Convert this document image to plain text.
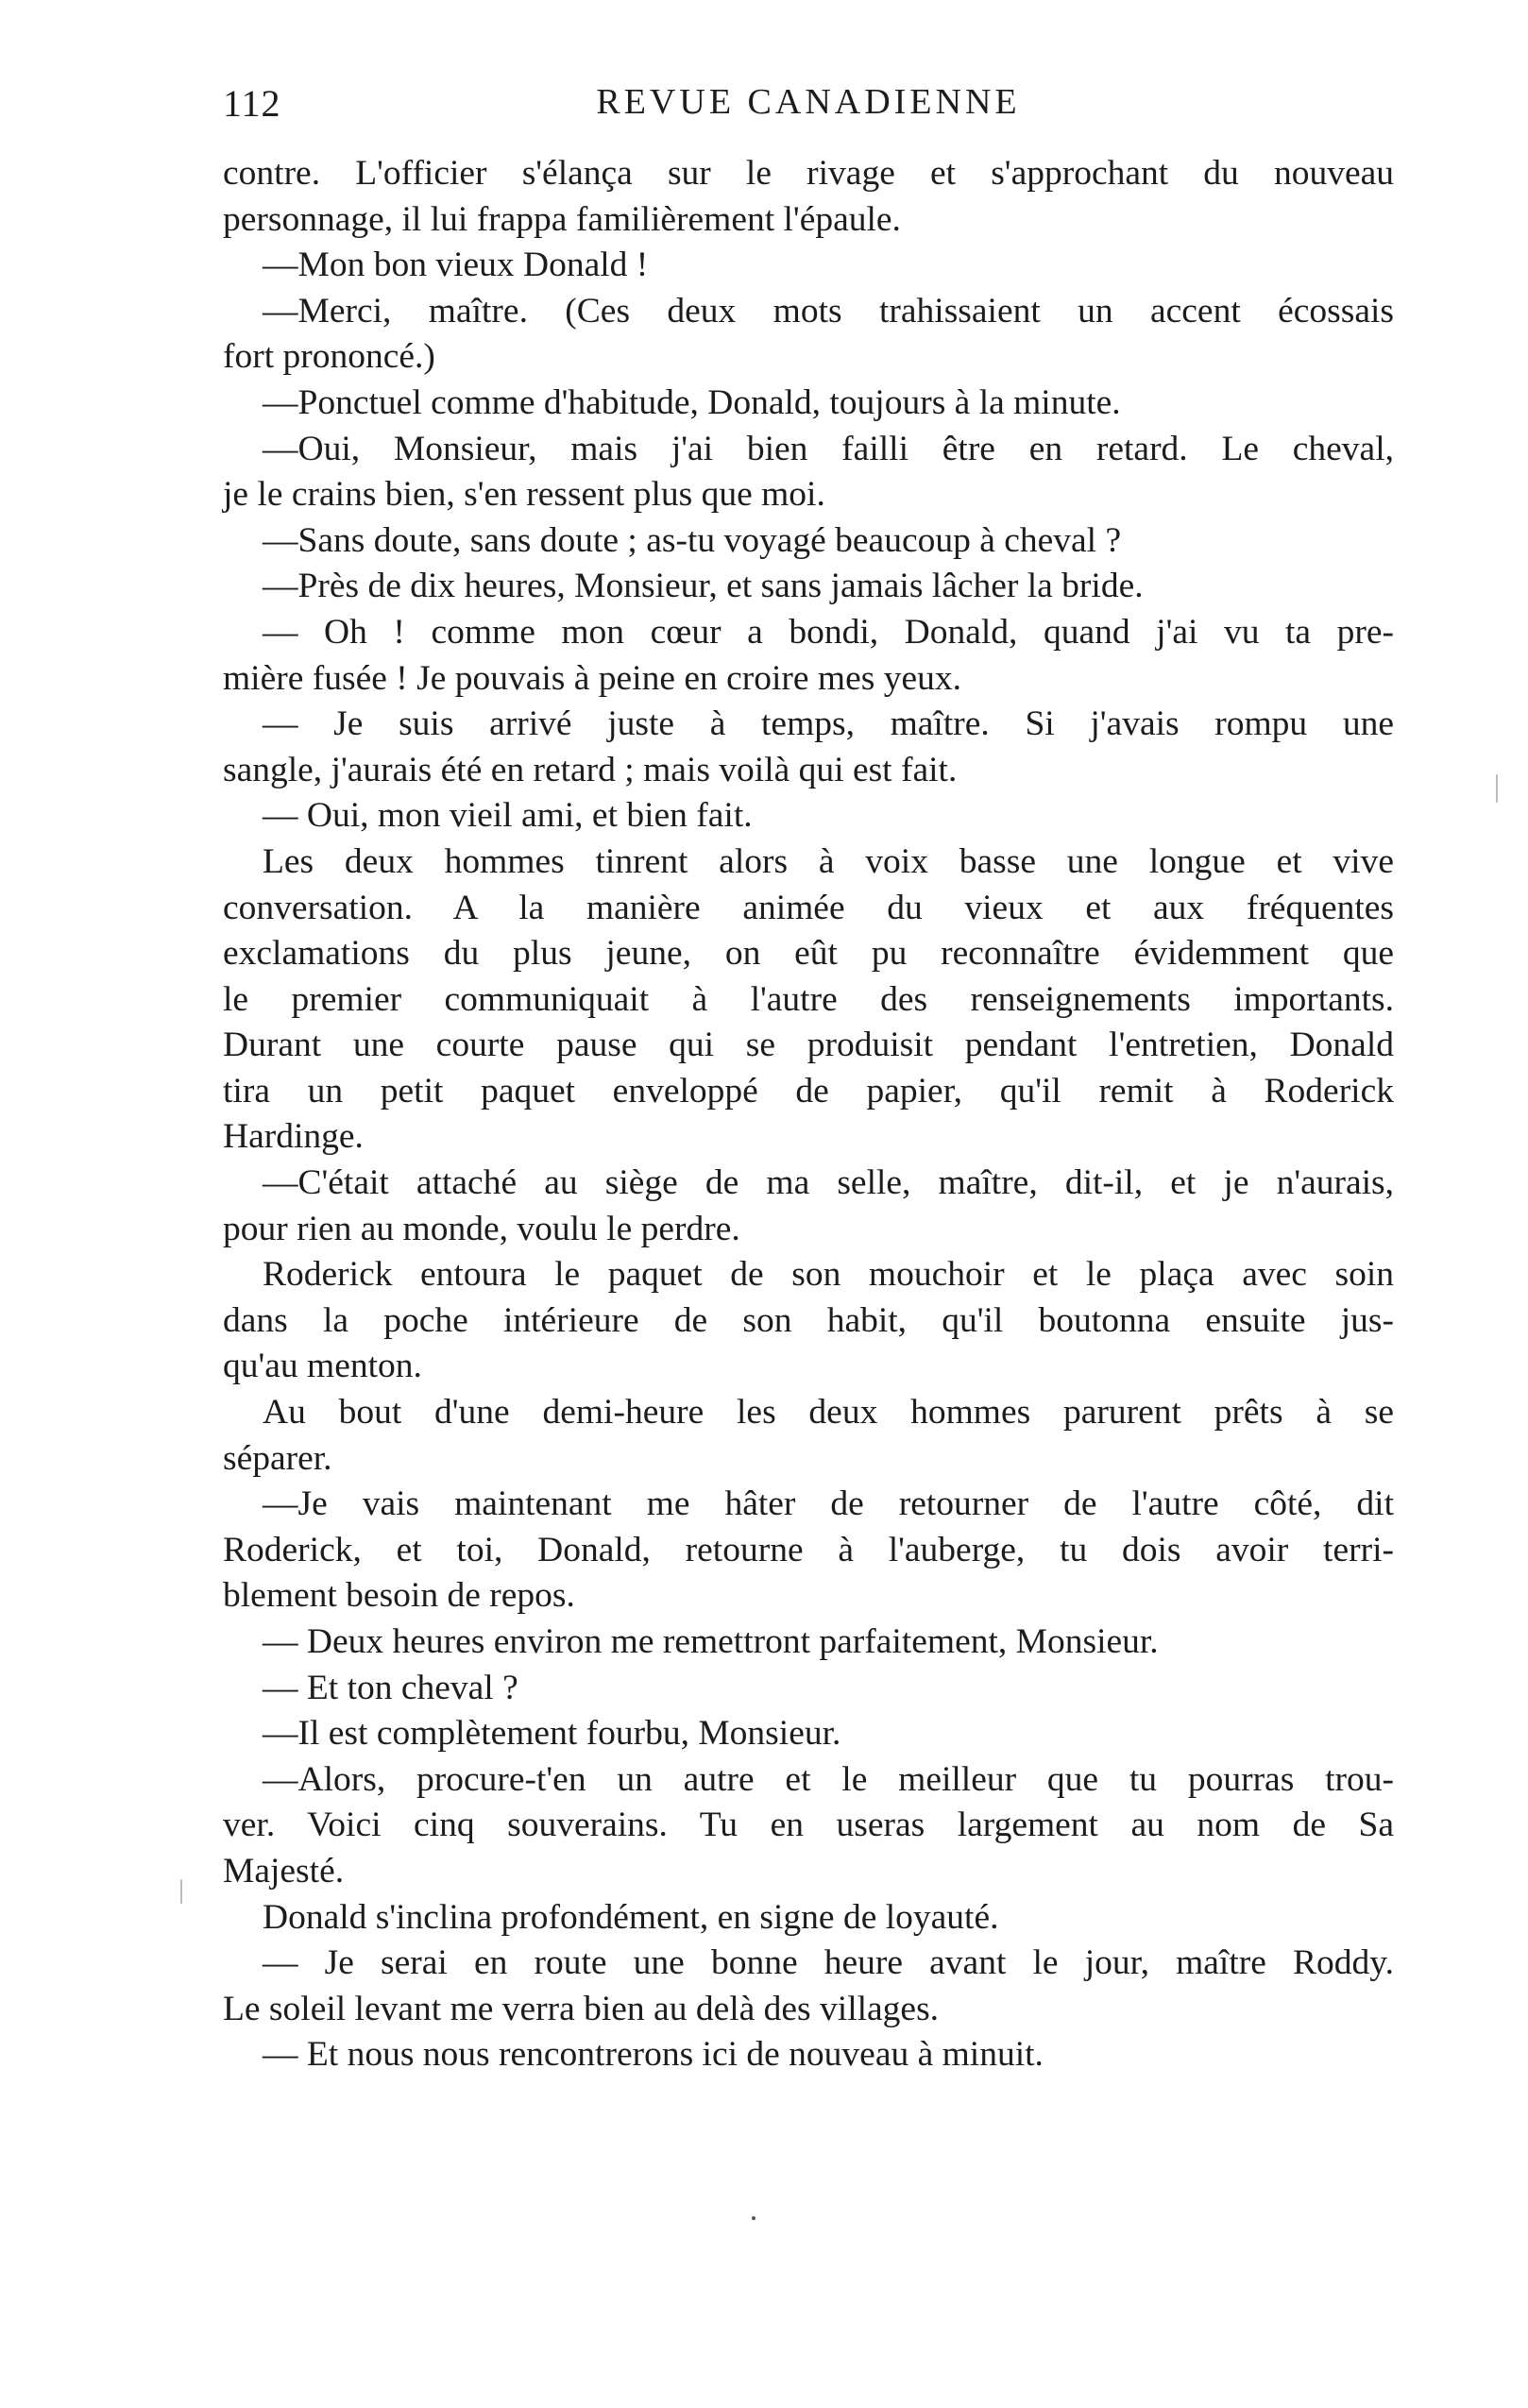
112	REVUE CANADIENNE
contre. L'officier s'élança sur le rivage et s'approchant du nouveau
personnage, il lui frappa familièrement l'épaule.
—Mon bon vieux Donald !
—Merci, maître. (Ces deux mots trahissaient un accent écossais
fort prononcé.)
—Ponctuel comme d'habitude, Donald, toujours à la minute.
—Oui, Monsieur, mais j'ai bien failli être en retard. Le cheval,
je le crains bien, s'en ressent plus que moi.
—Sans doute, sans doute ; as-tu voyagé beaucoup à cheval ?
—Près de dix heures, Monsieur, et sans jamais lâcher la bride.
— Oh ! comme mon cœur a bondi, Donald, quand j'ai vu ta pre-
mière fusée ! Je pouvais à peine en croire mes yeux.
— Je suis arrivé juste à temps, maître. Si j'avais rompu une
sangle, j'aurais été en retard ; mais voilà qui est fait.
— Oui, mon vieil ami, et bien fait.
Les deux hommes tinrent alors à voix basse une longue et vive
conversation. A la manière animée du vieux et aux fréquentes
exclamations du plus jeune, on eût pu reconnaître évidemment que
le premier communiquait à l'autre des renseignements importants.
Durant une courte pause qui se produisit pendant l'entretien, Donald
tira un petit paquet enveloppé de papier, qu'il remit à Roderick
Hardinge.
—C'était attaché au siège de ma selle, maître, dit-il, et je n'aurais,
pour rien au monde, voulu le perdre.
Roderick entoura le paquet de son mouchoir et le plaça avec soin
dans la poche intérieure de son habit, qu'il boutonna ensuite jus-
qu'au menton.
Au bout d'une demi-heure les deux hommes parurent prêts à se
séparer.
—Je vais maintenant me hâter de retourner de l'autre côté, dit
Roderick, et toi, Donald, retourne à l'auberge, tu dois avoir terri-
blement besoin de repos.
— Deux heures environ me remettront parfaitement, Monsieur.
— Et ton cheval ?
—Il est complètement fourbu, Monsieur.
—Alors, procure-t'en un autre et le meilleur que tu pourras trou-
ver. Voici cinq souverains. Tu en useras largement au nom de Sa
Majesté.
Donald s'inclina profondément, en signe de loyauté.
— Je serai en route une bonne heure avant le jour, maître Roddy.
Le soleil levant me verra bien au delà des villages.
— Et nous nous rencontrerons ici de nouveau à minuit.
